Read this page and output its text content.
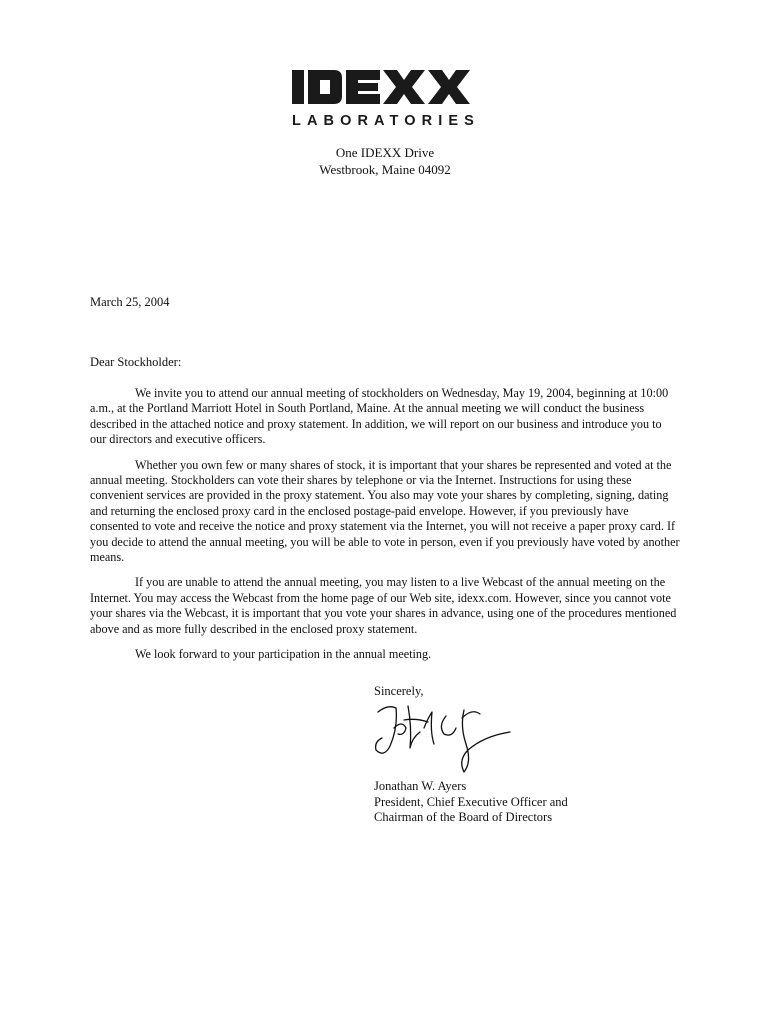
LABORATORIES
One IDEXX Drive
Westbrook, Maine 04092
March 25, 2004
Dear Stockholder:

We invite you to attend our annual meeting of stockholders on Wednesday, May 19, 2004, beginning at 10:00 a.m., at the Portland Marriott Hotel in South Portland, Maine. At the annual meeting we will conduct the business described in the attached notice and proxy statement. In addition, we will report on our business and introduce you to our directors and executive officers.

Whether you own few or many shares of stock, it is important that your shares be represented and voted at the annual meeting. Stockholders can vote their shares by telephone or via the Internet. Instructions for using these convenient services are provided in the proxy statement. You also may vote your shares by completing, signing, dating and returning the enclosed proxy card in the enclosed postage-paid envelope. However, if you previously have consented to vote and receive the notice and proxy statement via the Internet, you will not receive a paper proxy card. If you decide to attend the annual meeting, you will be able to vote in person, even if you previously have voted by another means.

If you are unable to attend the annual meeting, you may listen to a live Webcast of the annual meeting on the Internet. You may access the Webcast from the home page of our Web site, idexx.com. However, since you cannot vote your shares via the Webcast, it is important that you vote your shares in advance, using one of the procedures mentioned above and as more fully described in the enclosed proxy statement.

We look forward to your participation in the annual meeting.

Sincerely,
Jonathan W. Ayers
President, Chief Executive Officer and
Chairman of the Board of Directors
